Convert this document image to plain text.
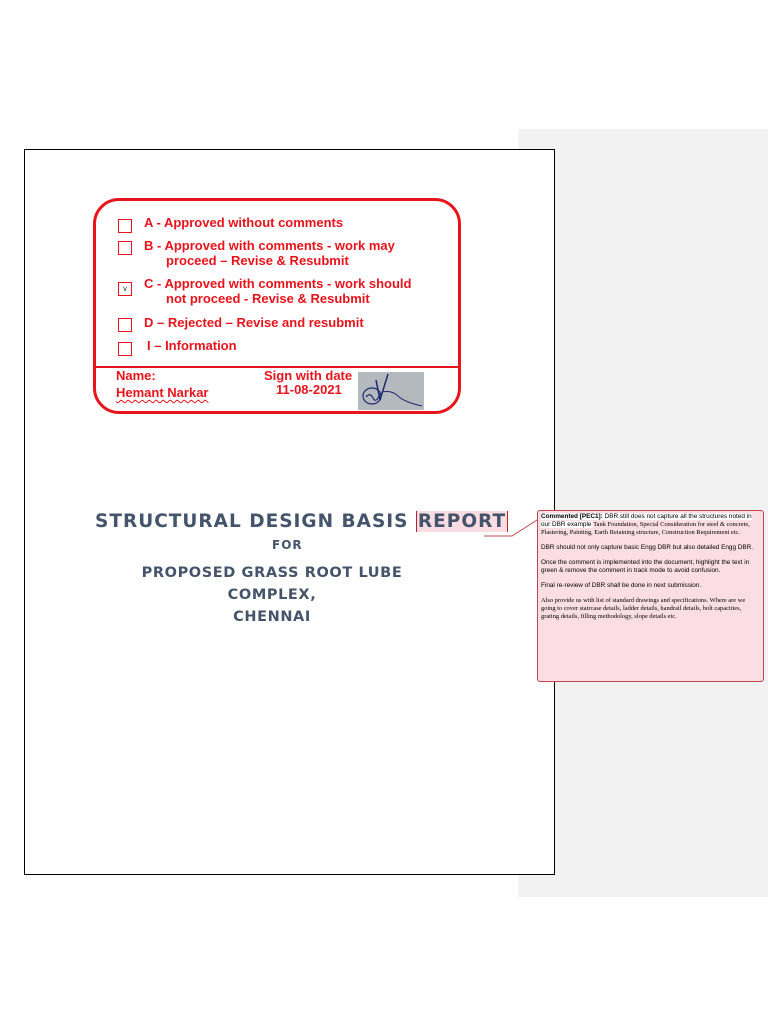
A - Approved without comments
B - Approved with comments - work may
proceed – Revise & Resubmit
v	C - Approved with comments - work should
not proceed - Revise & Resubmit
D – Rejected – Revise and resubmit
I – Information
Name:	Sign with date
Hemant Narkar	11-08-2021
STRUCTURAL DESIGN BASIS REPORT
FOR
PROPOSED GRASS ROOT LUBE COMPLEX,
CHENNAI

Commented [PEC1]: DBR still does not capture all the structures noted in our DBR example Tank Foundation, Special Consideration for steel & concrete, Plastering, Painting, Earth Retaining structure, Construction Requirement etc.

DBR should not only capture basic Engg DBR but also detailed Engg DBR.

Once the comment is implemented into the document, highlight the text in green & remove the comment in track mode to avoid confusion.

Final re-review of DBR shall be done in next submission.

Also provide us with list of standard drawings and specifications. Where are we going to cover staircase details, ladder details, handrail details, bolt capacities, grating details, filling methodology, slope details etc.
